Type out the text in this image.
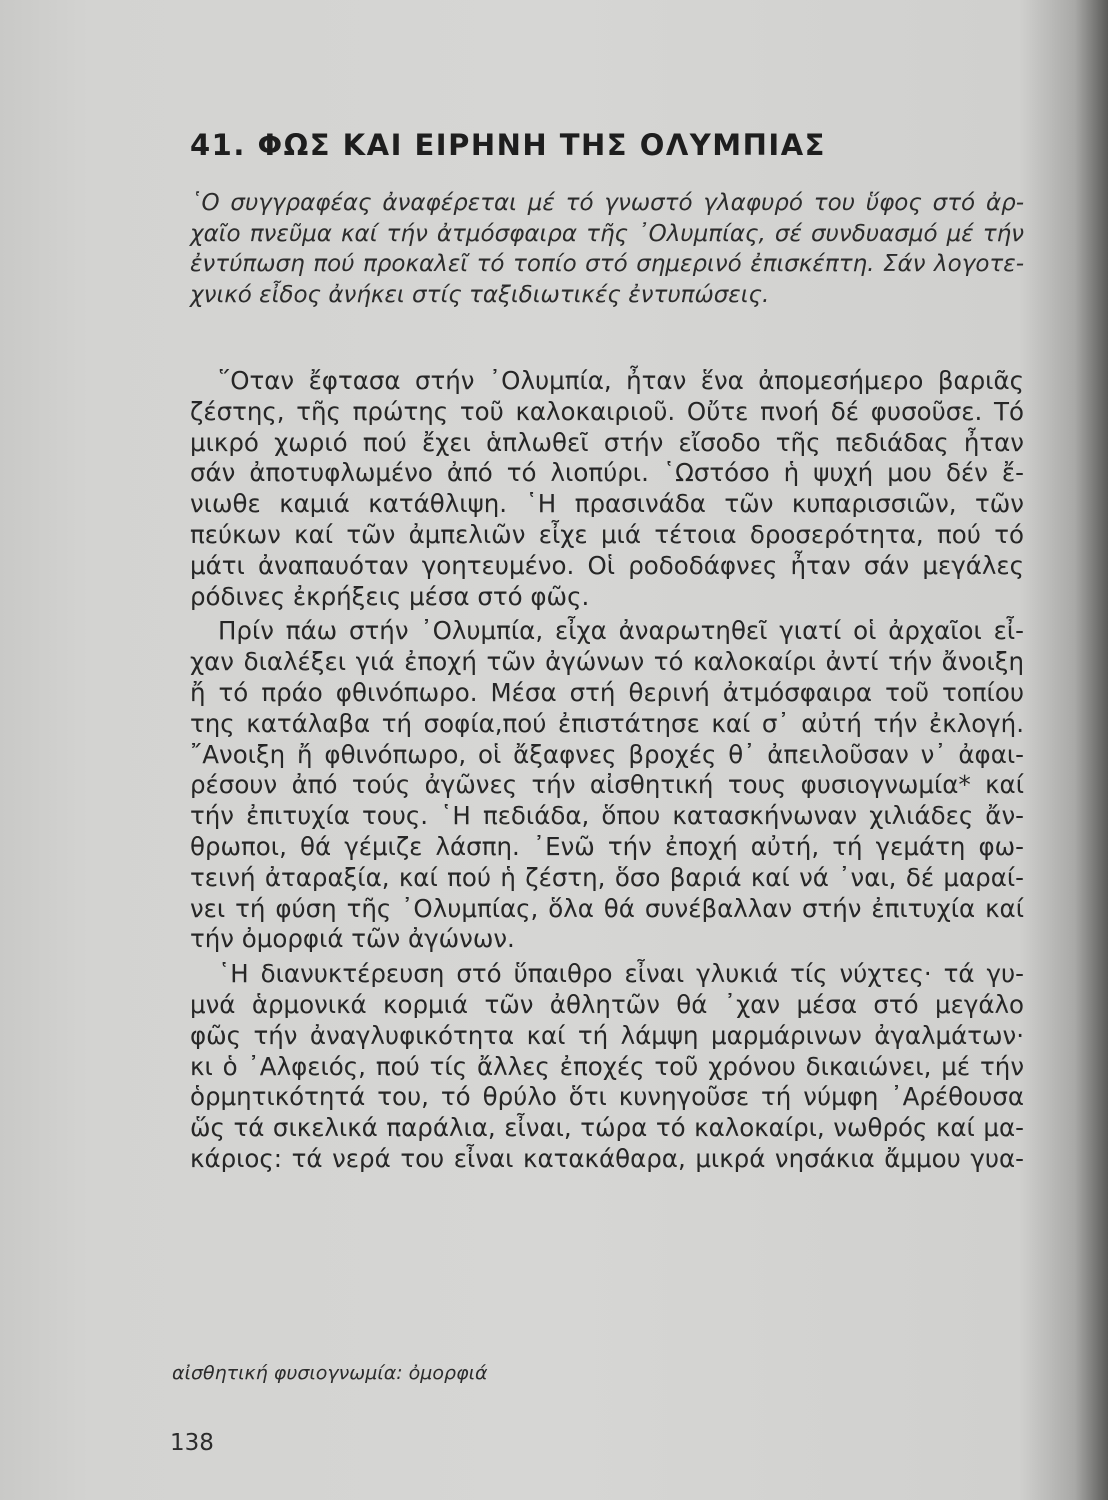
41. ΦΩΣ ΚΑΙ ΕΙΡΗΝΗ ΤΗΣ ΟΛΥΜΠΙΑΣ
῾Ο συγγραφέας ἀναφέρεται μέ τό γνωστό γλαφυρό του ὕφος στό ἀρ-
χαῖο πνεῦμα καί τήν ἀτμόσφαιρα τῆς ᾿Ολυμπίας, σέ συνδυασμό μέ τήν
ἐντύπωση πού προκαλεῖ τό τοπίο στό σημερινό ἐπισκέπτη. Σάν λογοτε-
χνικό εἶδος ἀνήκει στίς ταξιδιωτικές ἐντυπώσεις.
῞Οταν ἔφτασα στήν ᾿Ολυμπία, ἦταν ἕνα ἀπομεσήμερο βαριᾶς
ζέστης, τῆς πρώτης τοῦ καλοκαιριοῦ. Οὔτε πνοή δέ φυσοῦσε. Τό
μικρό χωριό πού ἔχει ἁπλωθεῖ στήν εἴσοδο τῆς πεδιάδας ἦταν
σάν ἀποτυφλωμένο ἀπό τό λιοπύρι. ῾Ωστόσο ἡ ψυχή μου δέν ἔ-
νιωθε καμιά κατάθλιψη. ῾Η πρασινάδα τῶν κυπαρισσιῶν, τῶν
πεύκων καί τῶν ἀμπελιῶν εἶχε μιά τέτοια δροσερότητα, πού τό
μάτι ἀναπαυόταν γοητευμένο. Οἱ ροδοδάφνες ἦταν σάν μεγάλες
ρόδινες ἐκρήξεις μέσα στό φῶς.
Πρίν πάω στήν ᾿Ολυμπία, εἶχα ἀναρωτηθεῖ γιατί οἱ ἀρχαῖοι εἶ-
χαν διαλέξει γιά ἐποχή τῶν ἀγώνων τό καλοκαίρι ἀντί τήν ἄνοιξη
ἤ τό πράο φθινόπωρο. Μέσα στή θερινή ἀτμόσφαιρα τοῦ τοπίου
της κατάλαβα τή σοφία,πού ἐπιστάτησε καί σ᾿ αὐτή τήν ἐκλογή.
῎Ανοιξη ἤ φθινόπωρο, οἱ ἄξαφνες βροχές θ᾿ ἀπειλοῦσαν ν᾿ ἀφαι-
ρέσουν ἀπό τούς ἀγῶνες τήν αἰσθητική τους φυσιογνωμία* καί
τήν ἐπιτυχία τους. ῾Η πεδιάδα, ὅπου κατασκήνωναν χιλιάδες ἄν-
θρωποι, θά γέμιζε λάσπη. ᾿Ενῶ τήν ἐποχή αὐτή, τή γεμάτη φω-
τεινή ἀταραξία, καί πού ἡ ζέστη, ὅσο βαριά καί νά ᾿ναι, δέ μαραί-
νει τή φύση τῆς ᾿Ολυμπίας, ὅλα θά συνέβαλλαν στήν ἐπιτυχία καί
τήν ὀμορφιά τῶν ἀγώνων.
῾Η διανυκτέρευση στό ὕπαιθρο εἶναι γλυκιά τίς νύχτες· τά γυ-
μνά ἁρμονικά κορμιά τῶν ἀθλητῶν θά ᾿χαν μέσα στό μεγάλο
φῶς τήν ἀναγλυφικότητα καί τή λάμψη μαρμάρινων ἀγαλμάτων·
κι ὁ ᾿Αλφειός, πού τίς ἄλλες ἐποχές τοῦ χρόνου δικαιώνει, μέ τήν
ὁρμητικότητά του, τό θρύλο ὅτι κυνηγοῦσε τή νύμφη ᾿Αρέθουσα
ὥς τά σικελικά παράλια, εἶναι, τώρα τό καλοκαίρι, νωθρός καί μα-
κάριος: τά νερά του εἶναι κατακάθαρα, μικρά νησάκια ἄμμου γυα-
αἰσθητική φυσιογνωμία: ὀμορφιά
138
